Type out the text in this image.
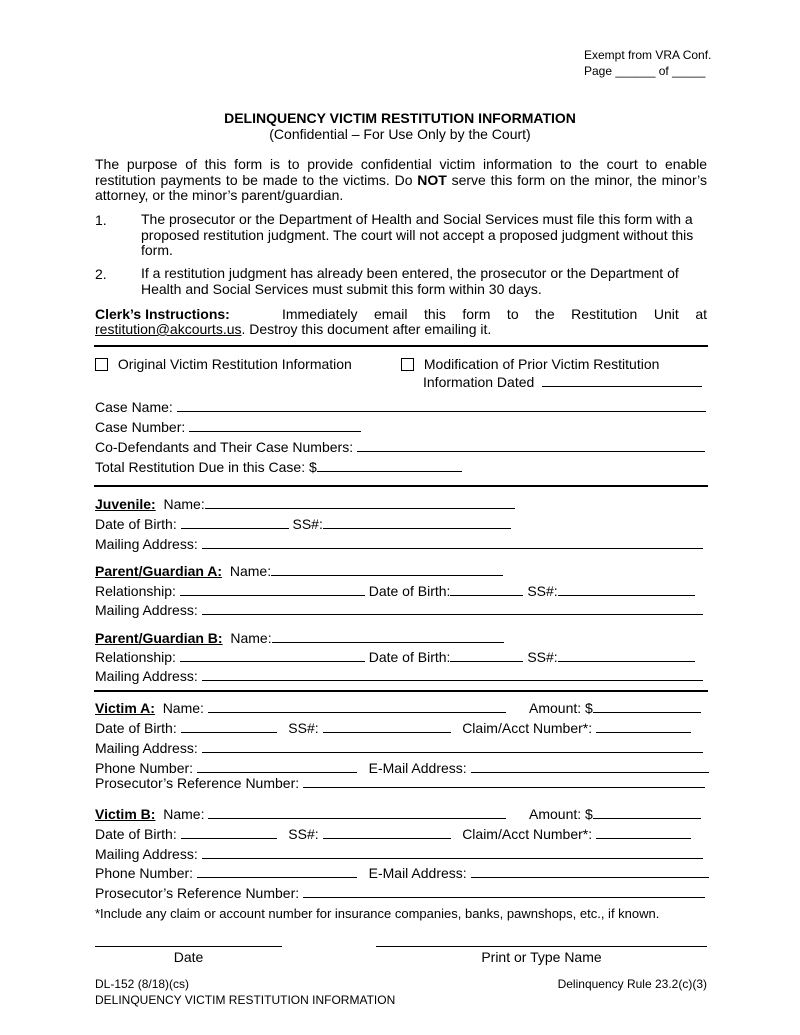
Exempt from VRA Conf.
Page ______ of _____
DELINQUENCY VICTIM RESTITUTION INFORMATION
(Confidential – For Use Only by the Court)
The purpose of this form is to provide confidential victim information to the court to enable restitution payments to be made to the victims. Do NOT serve this form on the minor, the minor’s attorney, or the minor’s parent/guardian.
1. The prosecutor or the Department of Health and Social Services must file this form with a proposed restitution judgment. The court will not accept a proposed judgment without this form.
2. If a restitution judgment has already been entered, the prosecutor or the Department of Health and Social Services must submit this form within 30 days.
Clerk’s Instructions:	Immediately email this form to the Restitution Unit at
restitution@akcourts.us. Destroy this document after emailing it.
Original Victim Restitution Information	Modification of Prior Victim Restitution
Information Dated
Case Name:
Case Number:
Co-Defendants and Their Case Numbers:
Total Restitution Due in this Case: $
Juvenile: Name:
Date of Birth:	SS#:
Mailing Address:
Parent/Guardian A: Name:
Relationship:	Date of Birth:	SS#:
Mailing Address:
Parent/Guardian B: Name:
Relationship:	Date of Birth:	SS#:
Mailing Address:
Victim A: Name:	Amount: $
Date of Birth:	SS#:	Claim/Acct Number*:
Mailing Address:
Phone Number:	E-Mail Address:
Prosecutor’s Reference Number:
Victim B: Name:	Amount: $
Date of Birth:	SS#:	Claim/Acct Number*:
Mailing Address:
Phone Number:	E-Mail Address:
Prosecutor’s Reference Number:
*Include any claim or account number for insurance companies, banks, pawnshops, etc., if known.
Date	Print or Type Name
DL-152 (8/18)(cs)
DELINQUENCY VICTIM RESTITUTION INFORMATION
Delinquency Rule 23.2(c)(3)
